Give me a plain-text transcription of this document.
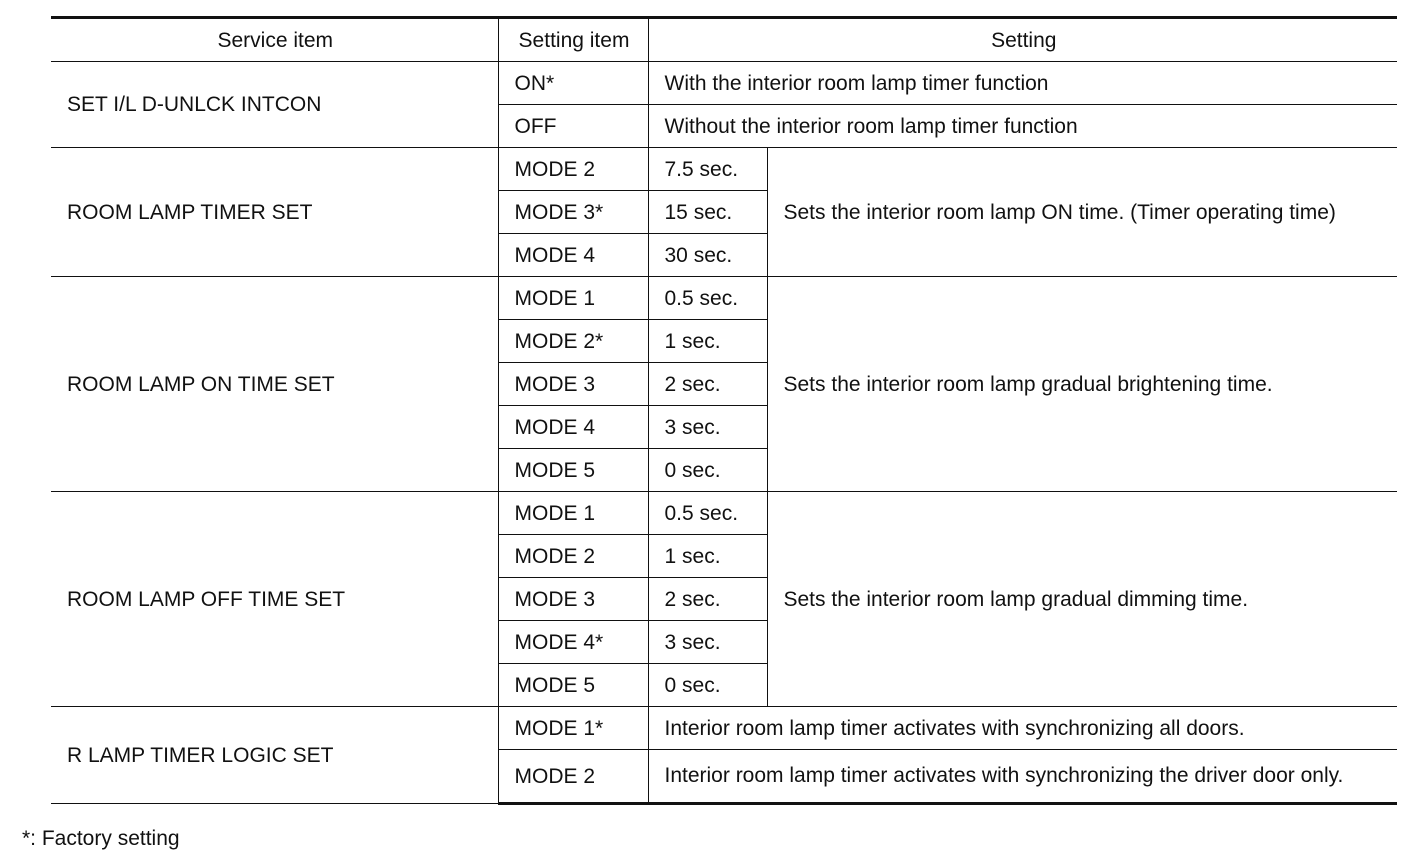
Service item	Setting item	Setting	
SET I/L D-UNLCK INTCON	ON*	With the interior room lamp timer function	
	OFF	Without the interior room lamp timer function	
ROOM LAMP TIMER SET	MODE 2	7.5 sec.	Sets the interior room lamp ON time. (Timer operating time)
	MODE 3*	15 sec.	
	MODE 4	30 sec.	
ROOM LAMP ON TIME SET	MODE 1	0.5 sec.	Sets the interior room lamp gradual brightening time.
	MODE 2*	1 sec.	
	MODE 3	2 sec.	
	MODE 4	3 sec.	
	MODE 5	0 sec.	
ROOM LAMP OFF TIME SET	MODE 1	0.5 sec.	Sets the interior room lamp gradual dimming time.
	MODE 2	1 sec.	
	MODE 3	2 sec.	
	MODE 4*	3 sec.	
	MODE 5	0 sec.	
R LAMP TIMER LOGIC SET	MODE 1*	Interior room lamp timer activates with synchronizing all doors.	
	MODE 2	Interior room lamp timer activates with synchronizing the driver door only.	
*: Factory setting
